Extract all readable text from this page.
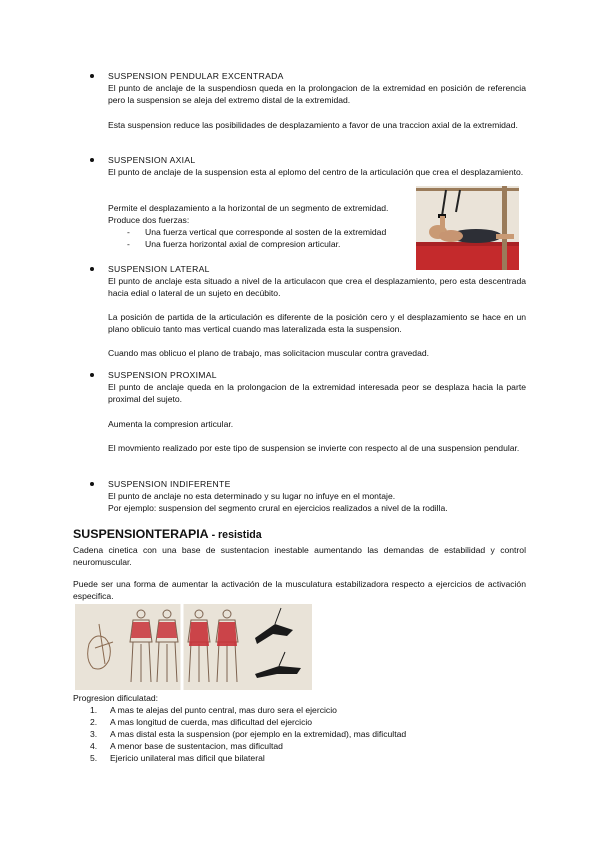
SUSPENSION PENDULAR EXCENTRADA
El punto de anclaje de la suspendiosn queda en la prolongacion de la extremidad en posición de referencia pero la suspension se aleja del extremo distal de la extremidad.
Esta suspension reduce las posibilidades de desplazamiento a favor de una traccion axial de la extremidad.
SUSPENSION AXIAL
El punto de anclaje de la suspension esta al eplomo del centro de la articulación que crea el desplazamiento.
Permite el desplazamiento a la horizontal de un segmento de extremidad.
Produce dos fuerzas:
- Una fuerza vertical que corresponde al sosten de la extremidad
- Una fuerza horizontal axial de compresion articular.
SUSPENSION LATERAL
El punto de anclaje esta situado a nivel de la articulacon que crea el desplazamiento, pero esta descentrada hacia edial o lateral de un sujeto en decúbito.
La posición de partida de la articulación es diferente de la posición cero y el desplazamiento se hace en un plano oblicuio tanto mas vertical cuando mas lateralizada esta la suspension.
Cuando mas oblicuo el plano de trabajo, mas solicitacion muscular contra gravedad.
SUSPENSION PROXIMAL
El punto de anclaje queda en la prolongacion de la extremidad interesada peor se desplaza hacia la parte proximal del sujeto.
Aumenta la compresion articular.
El movmiento realizado por este tipo de suspension se invierte con respecto al de una suspension pendular.
SUSPENSION INDIFERENTE
El punto de anclaje no esta determinado y su lugar no infuye en el montaje.
Por ejemplo: suspension del segmento crural en ejercicios realizados a nivel de la rodilla.
SUSPENSIONTERAPIA - resistida
Cadena cinetica con una base de sustentacion inestable aumentando las demandas de estabilidad y control neuromuscular.
Puede ser una forma de aumentar la activación de la musculatura estabilizadora respecto a ejercicios de activación especifica.
Progresion dificulatad:
1. A mas te alejas del punto central, mas duro sera el ejercicio
2. A mas longitud de cuerda, mas dificultad del ejercicio
3. A mas distal esta la suspension (por ejemplo en la extremidad), mas dificultad
4. A menor base de sustentacion, mas dificultad
5. Ejericio unilateral mas dificil que bilateral
